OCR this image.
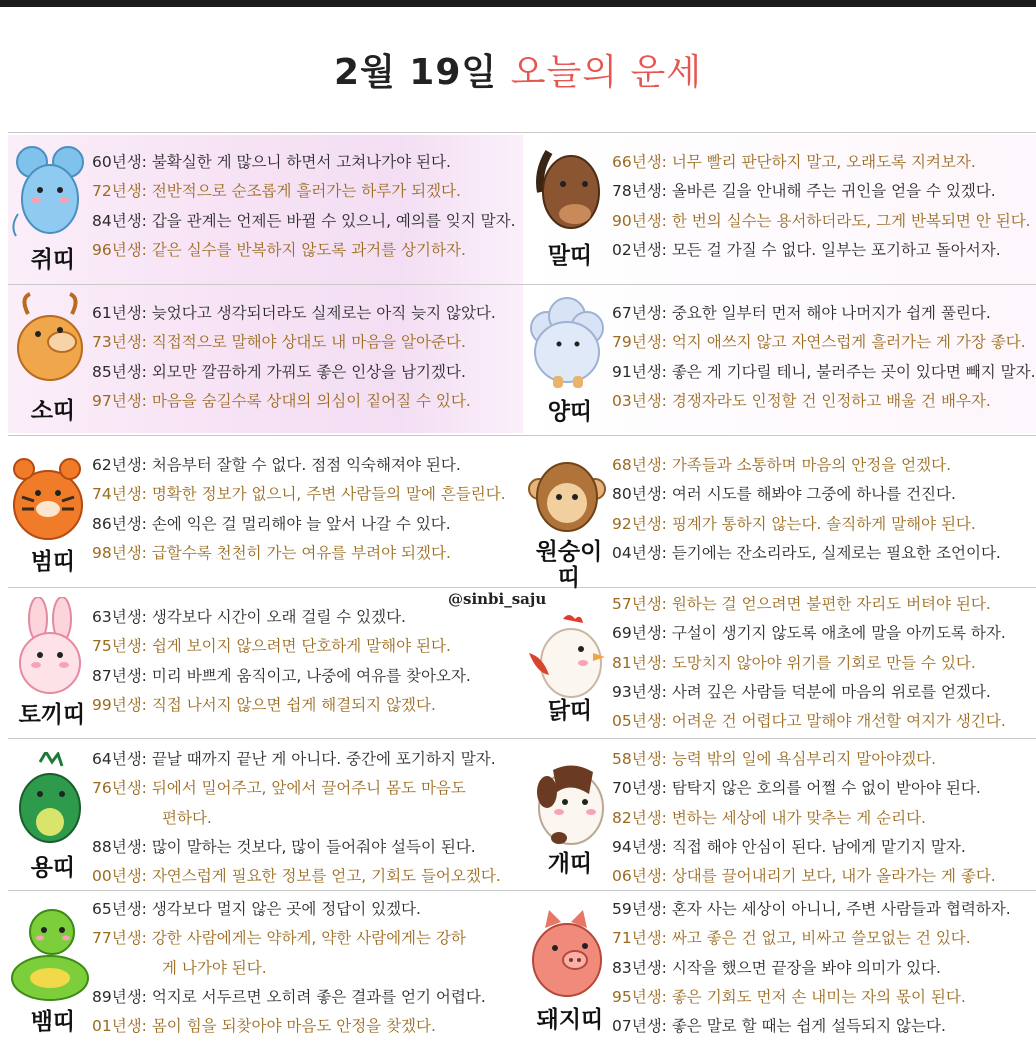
2월 19일 오늘의 운세
쥐띠
60년생: 불확실한 게 많으니 하면서 고쳐나가야 된다.
72년생: 전반적으로 순조롭게 흘러가는 하루가 되겠다.
84년생: 갑을 관계는 언제든 바뀔 수 있으니, 예의를 잊지 말자.
96년생: 같은 실수를 반복하지 않도록 과거를 상기하자.
소띠
61년생: 늦었다고 생각되더라도 실제로는 아직 늦지 않았다.
73년생: 직접적으로 말해야 상대도 내 마음을 알아준다.
85년생: 외모만 깔끔하게 가꿔도 좋은 인상을 남기겠다.
97년생: 마음을 숨길수록 상대의 의심이 짙어질 수 있다.
범띠
62년생: 처음부터 잘할 수 없다. 점점 익숙해져야 된다.
74년생: 명확한 정보가 없으니, 주변 사람들의 말에 흔들린다.
86년생: 손에 익은 걸 멀리해야 늘 앞서 나갈 수 있다.
98년생: 급할수록 천천히 가는 여유를 부려야 되겠다.
토끼띠
63년생: 생각보다 시간이 오래 걸릴 수 있겠다.
75년생: 쉽게 보이지 않으려면 단호하게 말해야 된다.
87년생: 미리 바쁘게 움직이고, 나중에 여유를 찾아오자.
99년생: 직접 나서지 않으면 쉽게 해결되지 않겠다.
용띠
64년생: 끝날 때까지 끝난 게 아니다. 중간에 포기하지 말자.
76년생: 뒤에서 밀어주고, 앞에서 끌어주니 몸도 마음도
편하다.
88년생: 많이 말하는 것보다, 많이 들어줘야 설득이 된다.
00년생: 자연스럽게 필요한 정보를 얻고, 기회도 들어오겠다.
뱀띠
65년생: 생각보다 멀지 않은 곳에 정답이 있겠다.
77년생: 강한 사람에게는 약하게, 약한 사람에게는 강하
게 나가야 된다.
89년생: 억지로 서두르면 오히려 좋은 결과를 얻기 어렵다.
01년생: 몸이 힘을 되찾아야 마음도 안정을 찾겠다.
말띠
66년생: 너무 빨리 판단하지 말고, 오래도록 지켜보자.
78년생: 올바른 길을 안내해 주는 귀인을 얻을 수 있겠다.
90년생: 한 번의 실수는 용서하더라도, 그게 반복되면 안 된다.
02년생: 모든 걸 가질 수 없다. 일부는 포기하고 돌아서자.
양띠
67년생: 중요한 일부터 먼저 해야 나머지가 쉽게 풀린다.
79년생: 억지 애쓰지 않고 자연스럽게 흘러가는 게 가장 좋다.
91년생: 좋은 게 기다릴 테니, 불러주는 곳이 있다면 빼지 말자.
03년생: 경쟁자라도 인정할 건 인정하고 배울 건 배우자.
원숭이띠
68년생: 가족들과 소통하며 마음의 안정을 얻겠다.
80년생: 여러 시도를 해봐야 그중에 하나를 건진다.
92년생: 핑계가 통하지 않는다. 솔직하게 말해야 된다.
04년생: 듣기에는 잔소리라도, 실제로는 필요한 조언이다.
닭띠
57년생: 원하는 걸 얻으려면 불편한 자리도 버텨야 된다.
69년생: 구설이 생기지 않도록 애초에 말을 아끼도록 하자.
81년생: 도망치지 않아야 위기를 기회로 만들 수 있다.
93년생: 사려 깊은 사람들 덕분에 마음의 위로를 얻겠다.
05년생: 어려운 건 어렵다고 말해야 개선할 여지가 생긴다.
개띠
58년생: 능력 밖의 일에 욕심부리지 말아야겠다.
70년생: 탐탁지 않은 호의를 어쩔 수 없이 받아야 된다.
82년생: 변하는 세상에 내가 맞추는 게 순리다.
94년생: 직접 해야 안심이 된다. 남에게 맡기지 말자.
06년생: 상대를 끌어내리기 보다, 내가 올라가는 게 좋다.
돼지띠
59년생: 혼자 사는 세상이 아니니, 주변 사람들과 협력하자.
71년생: 싸고 좋은 건 없고, 비싸고 쓸모없는 건 있다.
83년생: 시작을 했으면 끝장을 봐야 의미가 있다.
95년생: 좋은 기회도 먼저 손 내미는 자의 몫이 된다.
07년생: 좋은 말로 할 때는 쉽게 설득되지 않는다.
@sinbi_saju
